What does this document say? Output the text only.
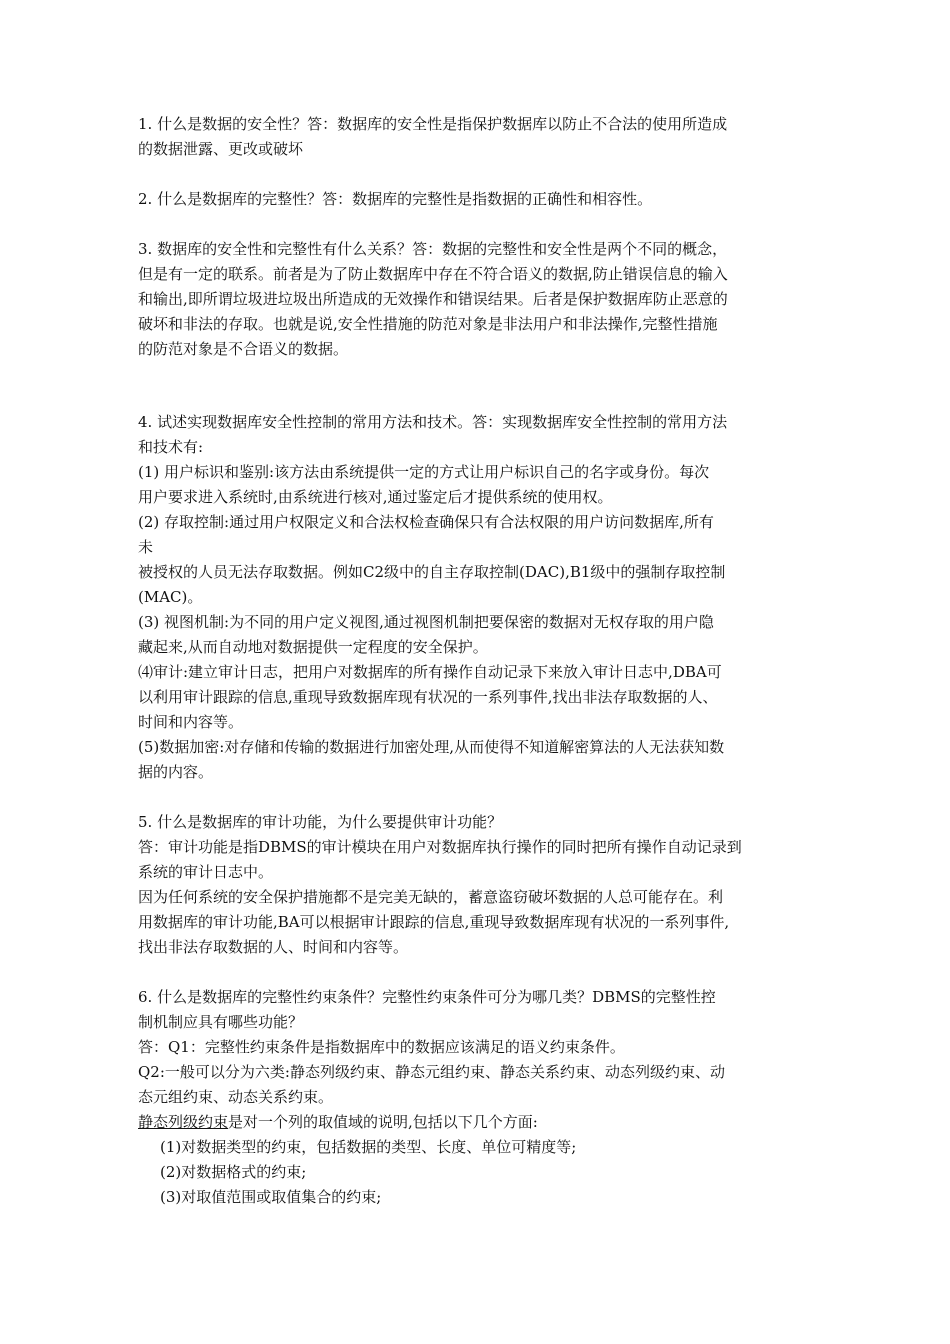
1. 什么是数据的安全性？答：数据库的安全性是指保护数据库以防止不合法的使用所造成
的数据泄露、更改或破坏
2. 什么是数据库的完整性？答：数据库的完整性是指数据的正确性和相容性。
3. 数据库的安全性和完整性有什么关系？答：数据的完整性和安全性是两个不同的概念，
但是有一定的联系。前者是为了防止数据库中存在不符合语义的数据,防止错误信息的输入
和输出,即所谓垃圾进垃圾出所造成的无效操作和错误结果。后者是保护数据库防止恶意的
破坏和非法的存取。也就是说,安全性措施的防范对象是非法用户和非法操作,完整性措施
的防范对象是不合语义的数据。
4. 试述实现数据库安全性控制的常用方法和技术。答：实现数据库安全性控制的常用方法
和技术有:
(1) 用户标识和鉴别:该方法由系统提供一定的方式让用户标识自己的名字或身份。每次
用户要求进入系统时,由系统进行核对,通过鉴定后才提供系统的使用权。
(2) 存取控制:通过用户权限定义和合法权检查确保只有合法权限的用户访问数据库,所有
未
被授权的人员无法存取数据。例如C2级中的自主存取控制(DAC),B1级中的强制存取控制
(MAC)。
(3) 视图机制:为不同的用户定义视图,通过视图机制把要保密的数据对无权存取的用户隐
藏起来,从而自动地对数据提供一定程度的安全保护。
⑷审计:建立审计日志，把用户对数据库的所有操作自动记录下来放入审计日志中,DBA可
以利用审计跟踪的信息,重现导致数据库现有状况的一系列事件,找出非法存取数据的人、
时间和内容等。
(5)数据加密:对存储和传输的数据进行加密处理,从而使得不知道解密算法的人无法获知数
据的内容。
5. 什么是数据库的审计功能，为什么要提供审计功能？
答：审计功能是指DBMS的审计模块在用户对数据库执行操作的同时把所有操作自动记录到
系统的审计日志中。
因为任何系统的安全保护措施都不是完美无缺的，蓄意盗窃破坏数据的人总可能存在。利
用数据库的审计功能,BA可以根据审计跟踪的信息,重现导致数据库现有状况的一系列事件,
找出非法存取数据的人、时间和内容等。
6. 什么是数据库的完整性约束条件？完整性约束条件可分为哪几类？DBMS的完整性控
制机制应具有哪些功能？
答：Q1：完整性约束条件是指数据库中的数据应该满足的语义约束条件。
Q2:一般可以分为六类:静态列级约束、静态元组约束、静态关系约束、动态列级约束、动
态元组约束、动态关系约束。
静态列级约束是对一个列的取值域的说明,包括以下几个方面:
(1)对数据类型的约束，包括数据的类型、长度、单位可精度等;
(2)对数据格式的约束;
(3)对取值范围或取值集合的约束;
